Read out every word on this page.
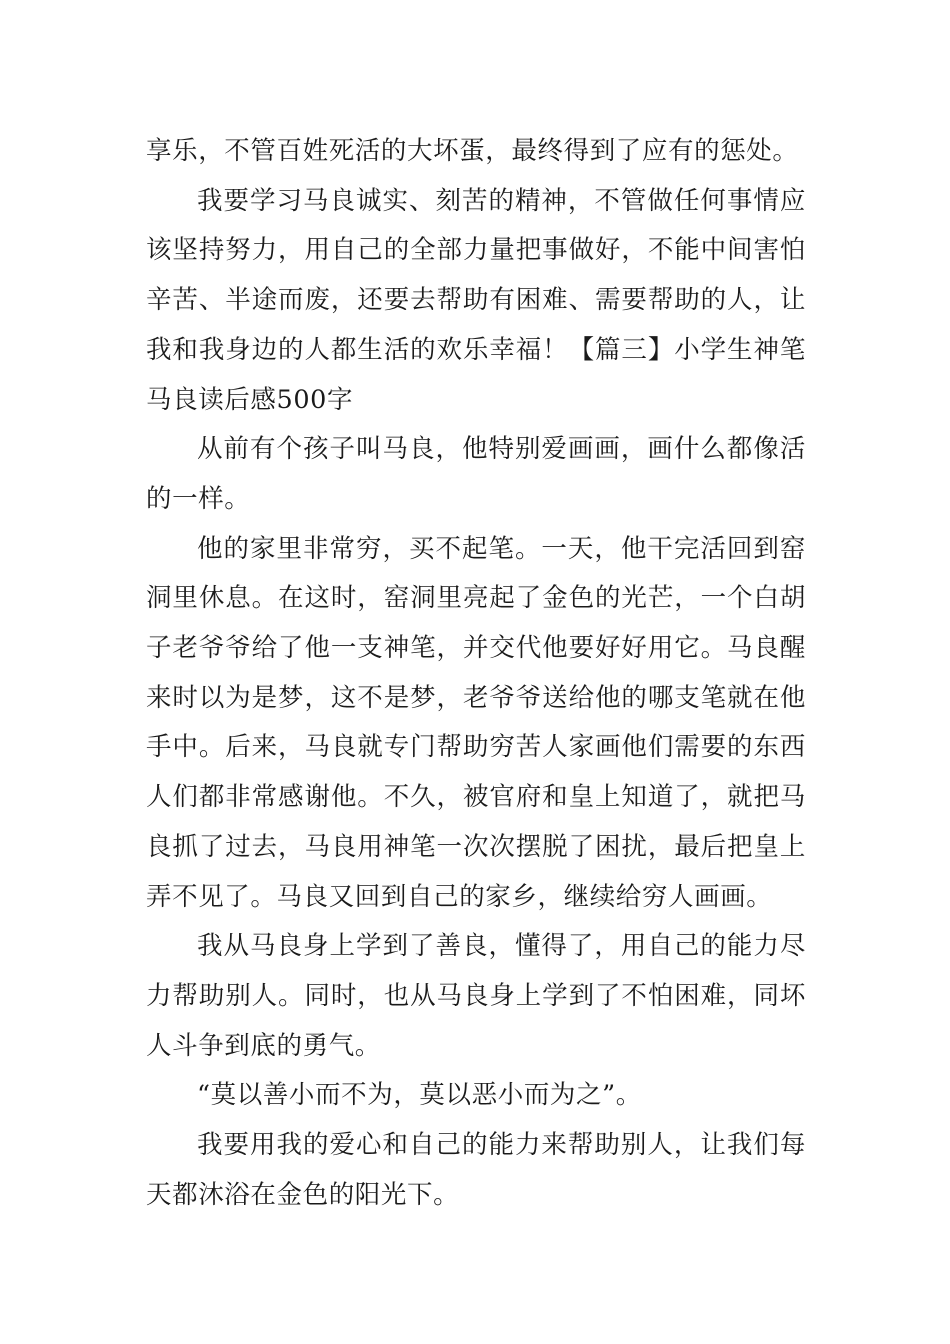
享乐，不管百姓死活的大坏蛋，最终得到了应有的惩处。

我要学习马良诚实、刻苦的精神，不管做任何事情应该坚持努力，用自己的全部力量把事做好，不能中间害怕辛苦、半途而废，还要去帮助有困难、需要帮助的人，让我和我身边的人都生活的欢乐幸福！【篇三】小学生神笔马良读后感500字

从前有个孩子叫马良，他特别爱画画，画什么都像活的一样。

他的家里非常穷，买不起笔。一天，他干完活回到窑洞里休息。在这时，窑洞里亮起了金色的光芒，一个白胡子老爷爷给了他一支神笔，并交代他要好好用它。马良醒来时以为是梦，这不是梦，老爷爷送给他的哪支笔就在他手中。后来，马良就专门帮助穷苦人家画他们需要的东西人们都非常感谢他。不久，被官府和皇上知道了，就把马良抓了过去，马良用神笔一次次摆脱了困扰，最后把皇上弄不见了。马良又回到自己的家乡，继续给穷人画画。

我从马良身上学到了善良，懂得了，用自己的能力尽力帮助别人。同时，也从马良身上学到了不怕困难，同坏人斗争到底的勇气。

“莫以善小而不为，莫以恶小而为之”。

我要用我的爱心和自己的能力来帮助别人，让我们每天都沐浴在金色的阳光下。
